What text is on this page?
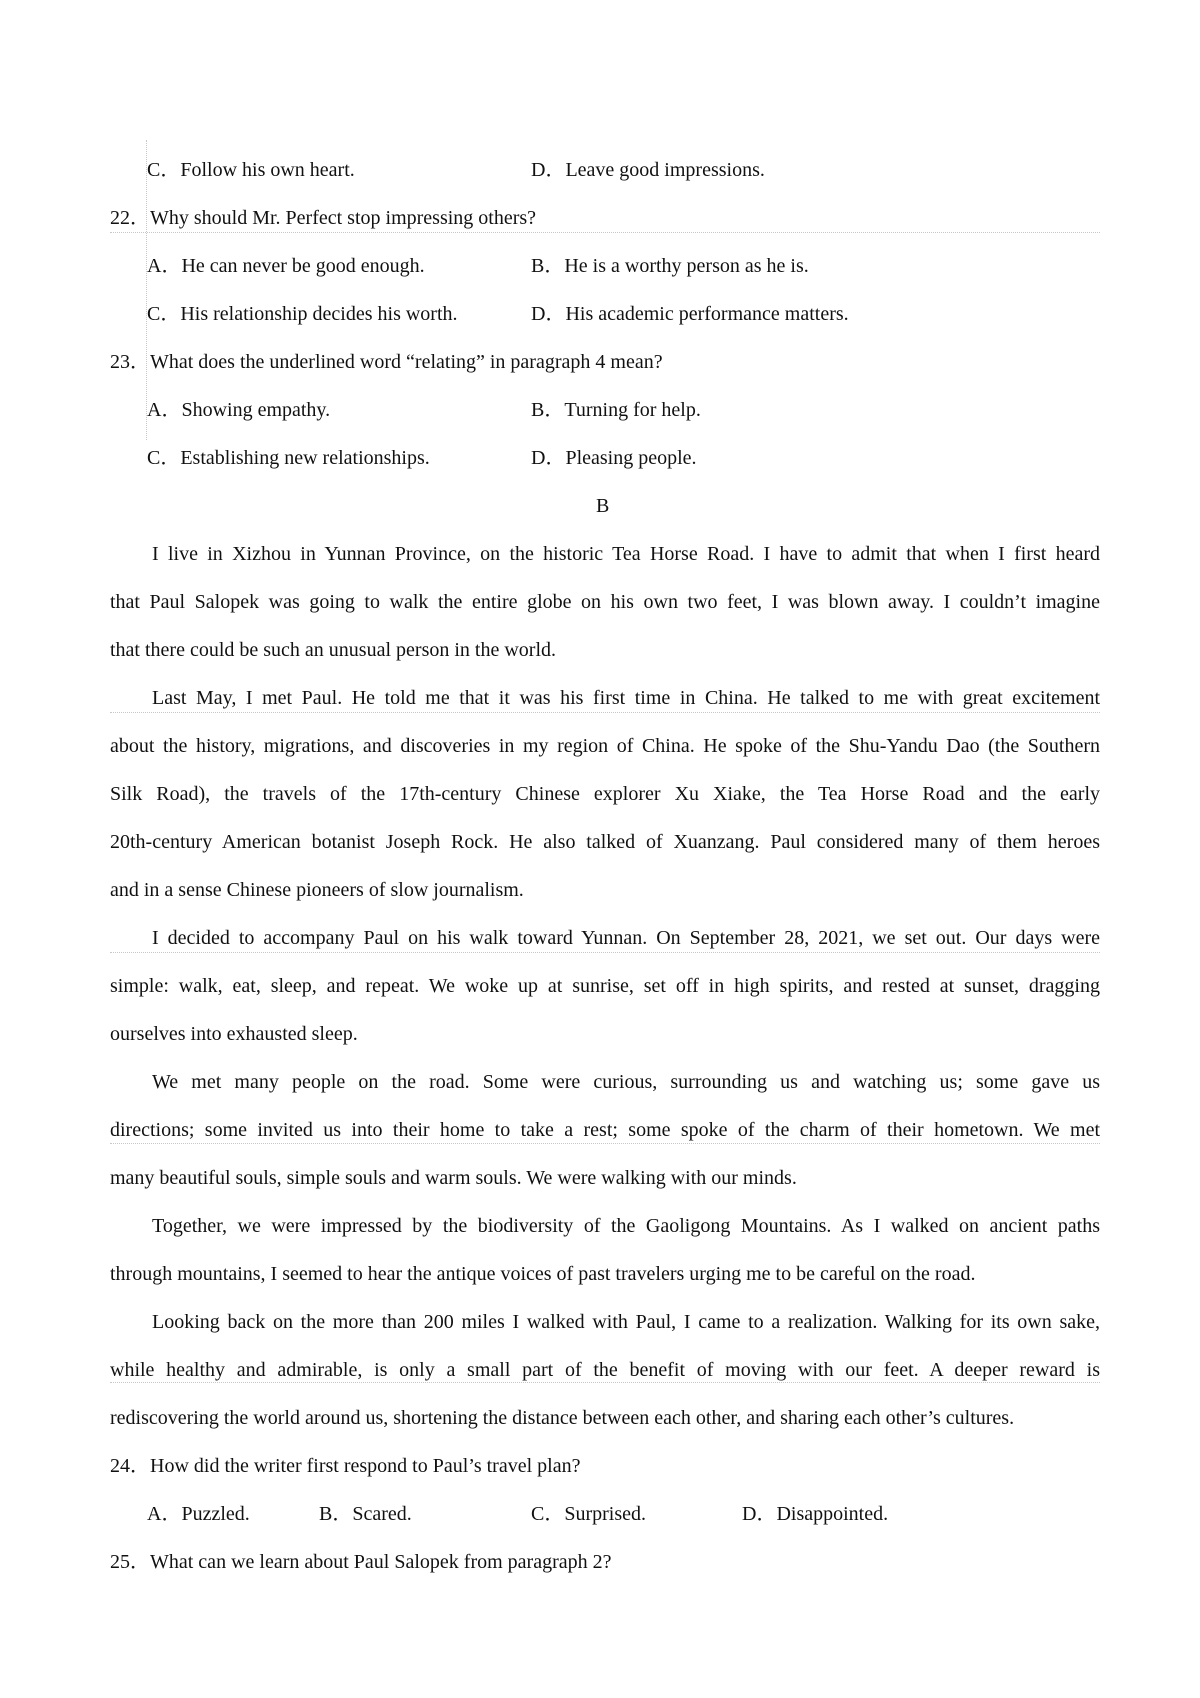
C．Follow his own heart.	D．Leave good impressions.
22．Why should Mr. Perfect stop impressing others?
A．He can never be good enough.	B．He is a worthy person as he is.
C．His relationship decides his worth.	D．His academic performance matters.
23．What does the underlined word “relating” in paragraph 4 mean?
A．Showing empathy.	B．Turning for help.
C．Establishing new relationships.	D．Pleasing people.
B
I live in Xizhou in Yunnan Province, on the historic Tea Horse Road. I have to admit that when I first heard
that Paul Salopek was going to walk the entire globe on his own two feet, I was blown away. I couldn’t imagine
that there could be such an unusual person in the world.
Last May, I met Paul. He told me that it was his first time in China. He talked to me with great excitement
about the history, migrations, and discoveries in my region of China. He spoke of the Shu-Yandu Dao (the Southern
Silk Road), the travels of the 17th-century Chinese explorer Xu Xiake, the Tea Horse Road and the early
20th-century American botanist Joseph Rock. He also talked of Xuanzang. Paul considered many of them heroes
and in a sense Chinese pioneers of slow journalism.
I decided to accompany Paul on his walk toward Yunnan. On September 28, 2021, we set out. Our days were
simple: walk, eat, sleep, and repeat. We woke up at sunrise, set off in high spirits, and rested at sunset, dragging
ourselves into exhausted sleep.
We met many people on the road. Some were curious, surrounding us and watching us; some gave us
directions; some invited us into their home to take a rest; some spoke of the charm of their hometown. We met
many beautiful souls, simple souls and warm souls. We were walking with our minds.
Together, we were impressed by the biodiversity of the Gaoligong Mountains. As I walked on ancient paths
through mountains, I seemed to hear the antique voices of past travelers urging me to be careful on the road.
Looking back on the more than 200 miles I walked with Paul, I came to a realization. Walking for its own sake,
while healthy and admirable, is only a small part of the benefit of moving with our feet. A deeper reward is
rediscovering the world around us, shortening the distance between each other, and sharing each other’s cultures.
24．How did the writer first respond to Paul’s travel plan?
A．Puzzled.	B．Scared.	C．Surprised.	D．Disappointed.
25．What can we learn about Paul Salopek from paragraph 2?
